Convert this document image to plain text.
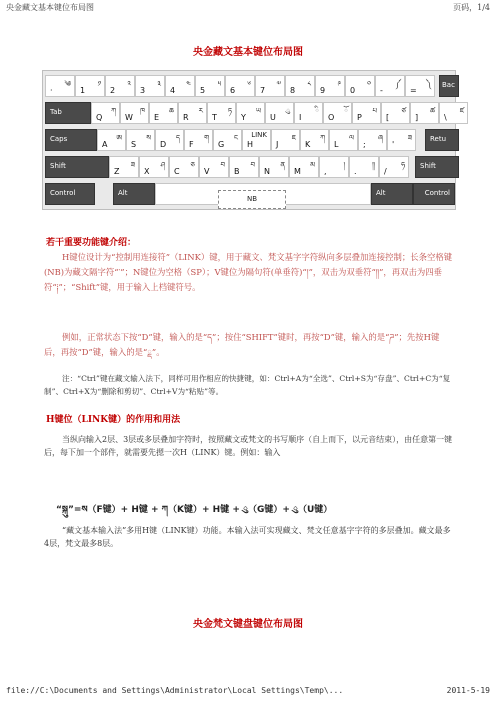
央金藏文基本键位布局图	页码，1/4
央金藏文基本键位布局图
༄
·
༡
1
༢
2
༣
3
༤
4
༥
5
༦
6
༧
7
༨
8
༩
9
༠
0
༼
-
༽
=
Tab	ཀ
Q
ཁ
W
ཆ
E
ར
R
ཏ
T
ཡ
Y
ུ
U
ི
I
ོ
O
པ
P
ཙ
[
ཚ
]
ཛ
\
Caps	ཨ
A
ས
S
ད
D
ག
F
ང
G
LINK
H
ཇ
J
ཀ
K
ལ
L
ཞ
;
ཟ
'
Shift	ཟ
Z
ཤ
X
ཅ
C
བ
V
བ
B
ན
N
མ
M
།
,
༎
.
ཧ
/
Control	Alt	Alt	Control
Bac
Retu
Shift
NB
若干重要功能键介绍：
H键位设计为“控制用连接符”（LINK）键，用于藏文、梵文基字字符纵向多层叠加连接控制；长条空格键(NB)为藏文隔字符“་”；N键位为空格（SP）；V键位为隔句符(单垂符)“།”，双击为双垂符“༎”，再双击为四垂符“༐”；“Shift”键，用于输入上档键符号。
例如，正常状态下按“D”键，输入的是“ད”；按住“SHIFT”键时，再按“D”键，输入的是“ཌ”；先按H键后，再按“D”键，输入的是“ྡ”。
注：“Ctrl”键在藏文输入法下，同样可用作相应的快捷键，如：Ctrl+A为“全选”、Ctrl+S为“存盘”、Ctrl+C为“复制”、Ctrl+X为“删除和剪切”、Ctrl+V为“粘贴”等。
H键位（LINK键）的作用和用法
当纵向输入2层、3层或多层叠加字符时，按照藏文或梵文的书写顺序（自上而下，以元音结束），由任意第一键后，每下加一个部件，就需要先摁一次H（LINK）键。例如：输入
“སྐུ”=ས（F键）+ H键 + ཀ（K键）+ H键 + ུ（G键）+ ུ（U键）
“藏文基本输入法”多用H键（LINK键）功能。本输入法可实现藏文、梵文任意基字字符的多层叠加。藏文最多4层，梵文最多8层。
央金梵文键盘键位布局图
file://C:\Documents and Settings\Administrator\Local Settings\Temp\...	2011-5-19
